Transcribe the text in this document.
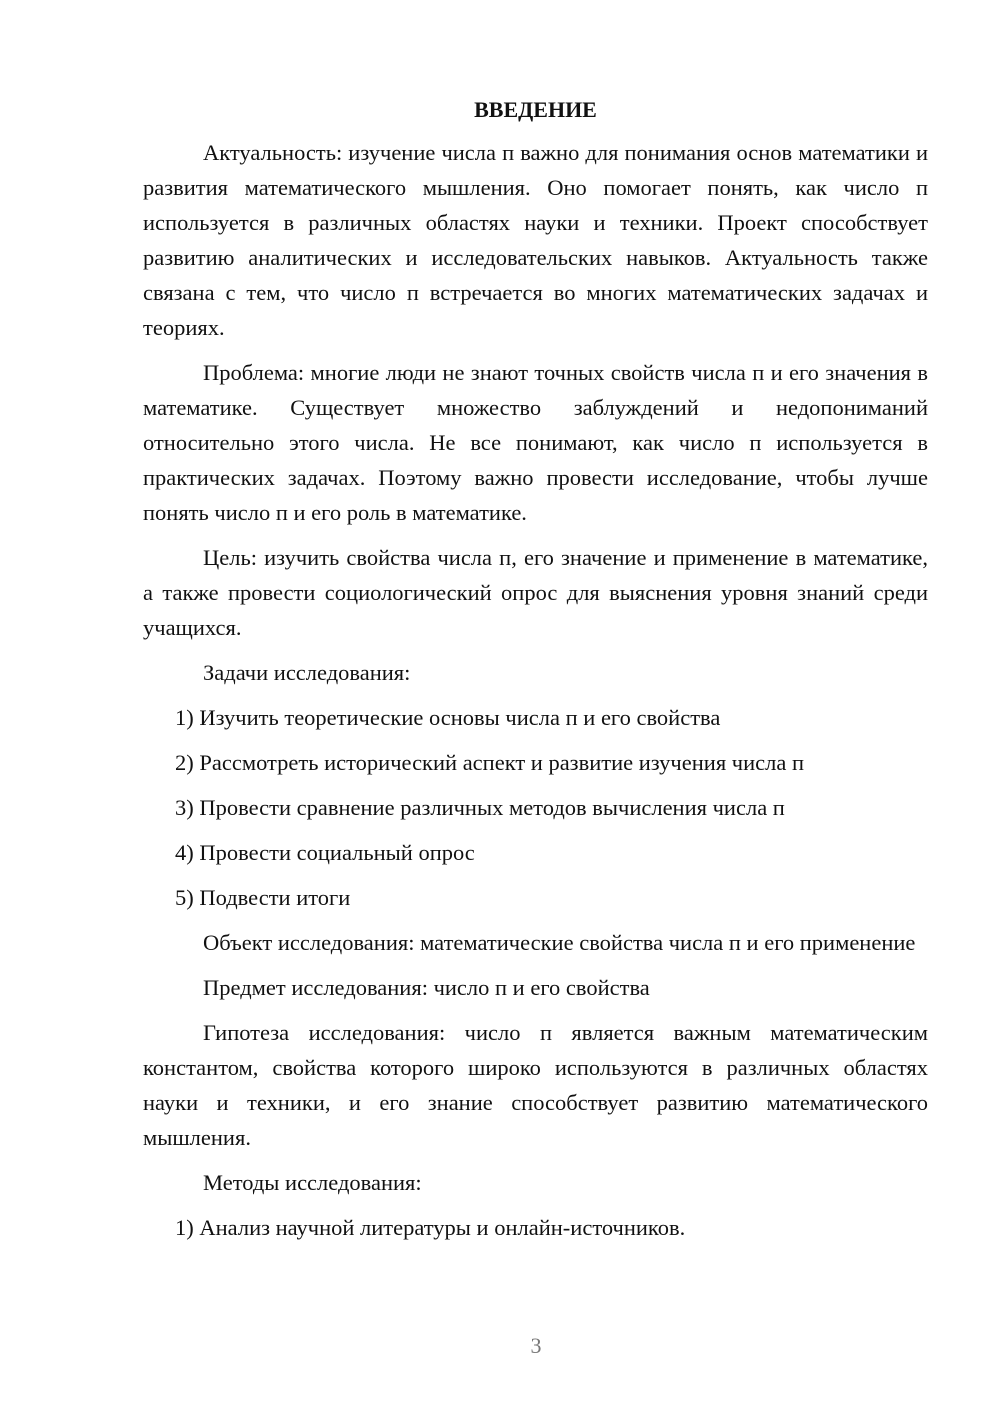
ВВЕДЕНИЕ

Актуальность: изучение числа п важно для понимания основ математики и развития математического мышления. Оно помогает понять, как число п используется в различных областях науки и техники. Проект способствует развитию аналитических и исследовательских навыков. Актуальность также связана с тем, что число п встречается во многих математических задачах и теориях.

Проблема: многие люди не знают точных свойств числа п и его значения в математике. Существует множество заблуждений и недопониманий относительно этого числа. Не все понимают, как число п используется в практических задачах. Поэтому важно провести исследование, чтобы лучше понять число п и его роль в математике.

Цель: изучить свойства числа п, его значение и применение в математике, а также провести социологический опрос для выяснения уровня знаний среди учащихся.

Задачи исследования:

1) Изучить теоретические основы числа п и его свойства
2) Рассмотреть исторический аспект и развитие изучения числа п
3) Провести сравнение различных методов вычисления числа п
4) Провести социальный опрос
5) Подвести итоги

Объект исследования: математические свойства числа п и его применение

Предмет исследования: число п и его свойства

Гипотеза исследования: число п является важным математическим константом, свойства которого широко используются в различных областях науки и техники, и его знание способствует развитию математического мышления.

Методы исследования:

1) Анализ научной литературы и онлайн-источников.
3
